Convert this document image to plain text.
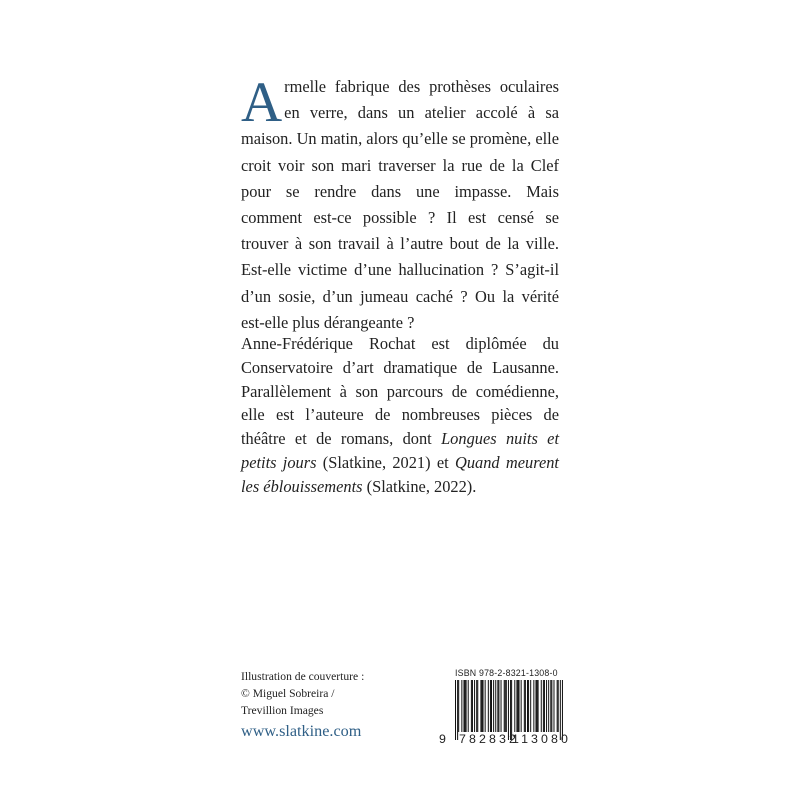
A rmelle fabrique des prothèses oculaires en verre, dans un atelier accolé à sa maison. Un matin, alors qu’elle se promène, elle croit voir son mari traverser la rue de la Clef pour se rendre dans une impasse. Mais comment est-ce possible ? Il est censé se trouver à son travail à l’autre bout de la ville. Est-elle victime d’une hallucination ? S’agit-il d’un sosie, d’un jumeau caché ? Ou la vérité est-elle plus dérangeante ?

Anne-Frédérique Rochat est diplômée du Conservatoire d’art dramatique de Lausanne. Parallèlement à son parcours de comédienne, elle est l’auteure de nombreuses pièces de théâtre et de romans, dont Longues nuits et petits jours (Slatkine, 2021) et Quand meurent les éblouissements (Slatkine, 2022).

Illustration de couverture :
© Miguel Sobreira /
Trevillion Images
www.slatkine.com
ISBN 978-2-8321-1308-0
9 782832
113080
